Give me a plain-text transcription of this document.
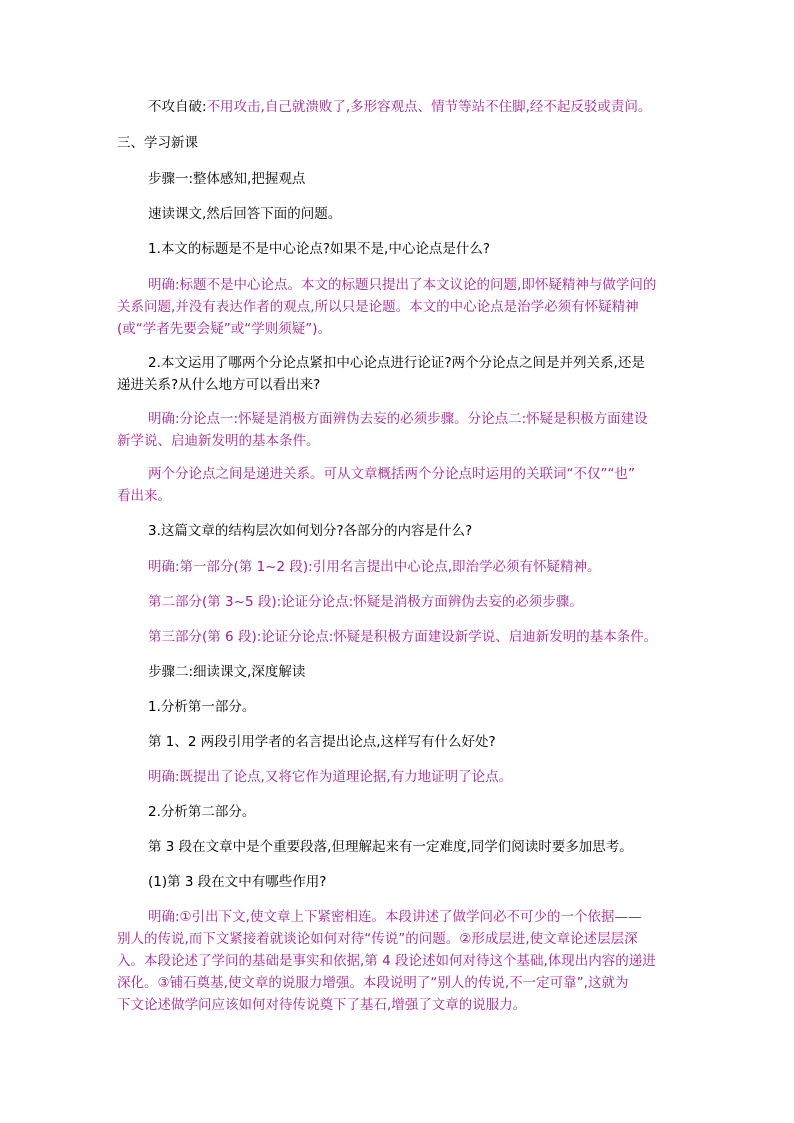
不攻自破:不用攻击,自己就溃败了,多形容观点、情节等站不住脚,经不起反驳或责问。
三、学习新课
步骤一:整体感知,把握观点
速读课文,然后回答下面的问题。
1.本文的标题是不是中心论点?如果不是,中心论点是什么?
明确:标题不是中心论点。本文的标题只提出了本文议论的问题,即怀疑精神与做学问的
关系问题,并没有表达作者的观点,所以只是论题。本文的中心论点是治学必须有怀疑精神
(或“学者先要会疑”或“学则须疑”)。
2.本文运用了哪两个分论点紧扣中心论点进行论证?两个分论点之间是并列关系,还是
递进关系?从什么地方可以看出来?
明确:分论点一:怀疑是消极方面辨伪去妄的必须步骤。分论点二:怀疑是积极方面建设
新学说、启迪新发明的基本条件。
两个分论点之间是递进关系。可从文章概括两个分论点时运用的关联词“不仅”“也”
看出来。
3.这篇文章的结构层次如何划分?各部分的内容是什么?
明确:第一部分(第 1~2 段):引用名言提出中心论点,即治学必须有怀疑精神。
第二部分(第 3~5 段):论证分论点:怀疑是消极方面辨伪去妄的必须步骤。
第三部分(第 6 段):论证分论点:怀疑是积极方面建设新学说、启迪新发明的基本条件。
步骤二:细读课文,深度解读
1.分析第一部分。
第 1、2 两段引用学者的名言提出论点,这样写有什么好处?
明确:既提出了论点,又将它作为道理论据,有力地证明了论点。
2.分析第二部分。
第 3 段在文章中是个重要段落,但理解起来有一定难度,同学们阅读时要多加思考。
(1)第 3 段在文中有哪些作用?
明确:①引出下文,使文章上下紧密相连。本段讲述了做学问必不可少的一个依据——
别人的传说,而下文紧接着就谈论如何对待“传说”的问题。②形成层进,使文章论述层层深
入。本段论述了学问的基础是事实和依据,第 4 段论述如何对待这个基础,体现出内容的递进
深化。③铺石奠基,使文章的说服力增强。本段说明了“别人的传说,不一定可靠”,这就为
下文论述做学问应该如何对待传说奠下了基石,增强了文章的说服力。
